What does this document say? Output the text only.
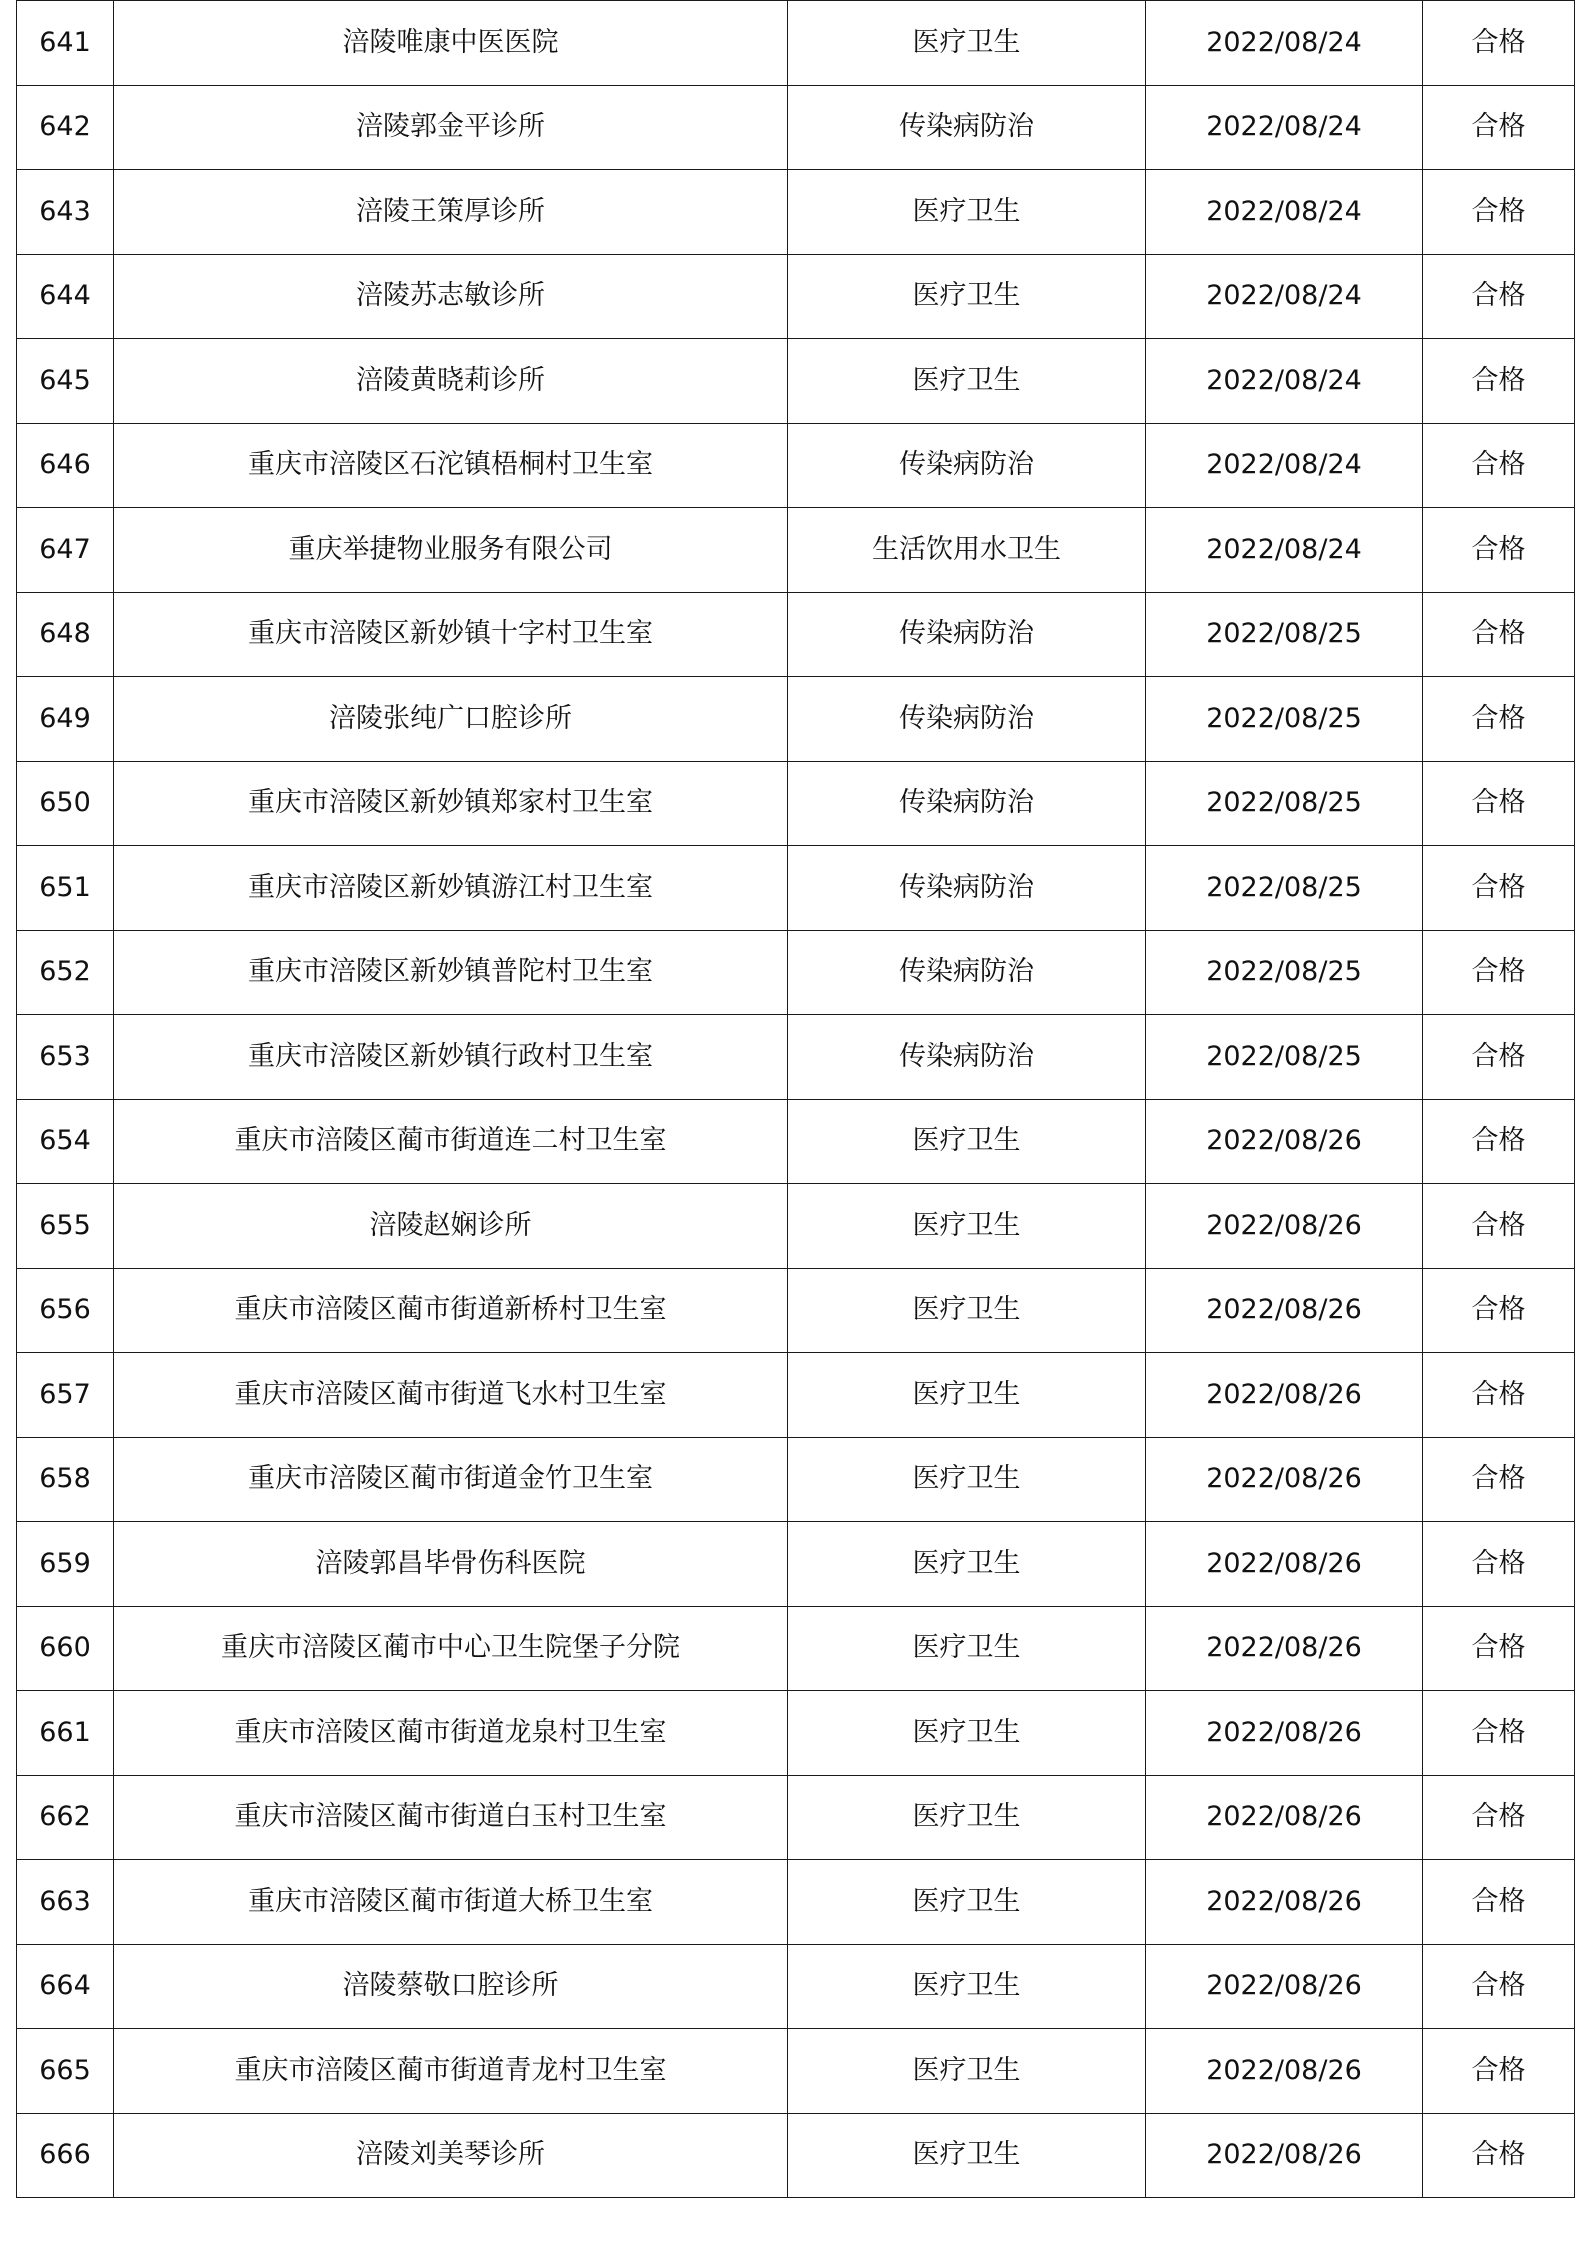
641	涪陵唯康中医医院	医疗卫生	2022/08/24	合格
642	涪陵郭金平诊所	传染病防治	2022/08/24	合格
643	涪陵王策厚诊所	医疗卫生	2022/08/24	合格
644	涪陵苏志敏诊所	医疗卫生	2022/08/24	合格
645	涪陵黄晓莉诊所	医疗卫生	2022/08/24	合格
646	重庆市涪陵区石沱镇梧桐村卫生室	传染病防治	2022/08/24	合格
647	重庆举捷物业服务有限公司	生活饮用水卫生	2022/08/24	合格
648	重庆市涪陵区新妙镇十字村卫生室	传染病防治	2022/08/25	合格
649	涪陵张纯广口腔诊所	传染病防治	2022/08/25	合格
650	重庆市涪陵区新妙镇郑家村卫生室	传染病防治	2022/08/25	合格
651	重庆市涪陵区新妙镇游江村卫生室	传染病防治	2022/08/25	合格
652	重庆市涪陵区新妙镇普陀村卫生室	传染病防治	2022/08/25	合格
653	重庆市涪陵区新妙镇行政村卫生室	传染病防治	2022/08/25	合格
654	重庆市涪陵区蔺市街道连二村卫生室	医疗卫生	2022/08/26	合格
655	涪陵赵娴诊所	医疗卫生	2022/08/26	合格
656	重庆市涪陵区蔺市街道新桥村卫生室	医疗卫生	2022/08/26	合格
657	重庆市涪陵区蔺市街道飞水村卫生室	医疗卫生	2022/08/26	合格
658	重庆市涪陵区蔺市街道金竹卫生室	医疗卫生	2022/08/26	合格
659	涪陵郭昌毕骨伤科医院	医疗卫生	2022/08/26	合格
660	重庆市涪陵区蔺市中心卫生院堡子分院	医疗卫生	2022/08/26	合格
661	重庆市涪陵区蔺市街道龙泉村卫生室	医疗卫生	2022/08/26	合格
662	重庆市涪陵区蔺市街道白玉村卫生室	医疗卫生	2022/08/26	合格
663	重庆市涪陵区蔺市街道大桥卫生室	医疗卫生	2022/08/26	合格
664	涪陵蔡敬口腔诊所	医疗卫生	2022/08/26	合格
665	重庆市涪陵区蔺市街道青龙村卫生室	医疗卫生	2022/08/26	合格
666	涪陵刘美琴诊所	医疗卫生	2022/08/26	合格
